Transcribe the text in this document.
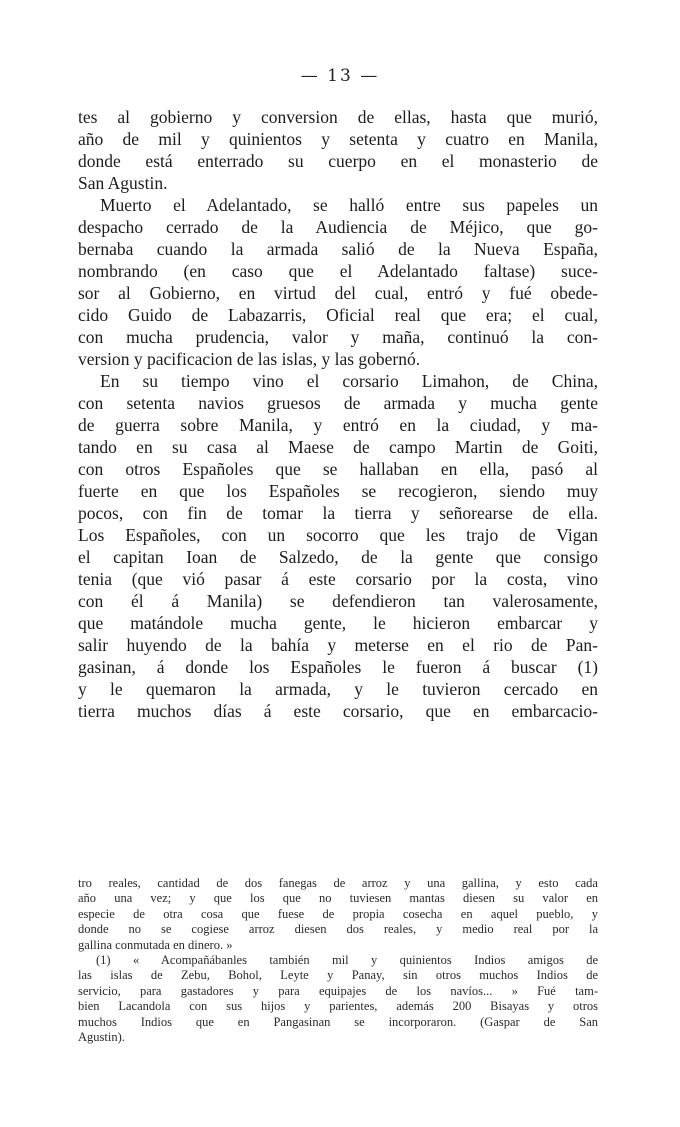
— 13 —
tes al gobierno y conversion de ellas, hasta que murió,
año de mil y quinientos y setenta y cuatro en Manila,
donde está enterrado su cuerpo en el monasterio de
San Agustin.
Muerto el Adelantado, se halló entre sus papeles un
despacho cerrado de la Audiencia de Méjico, que go-
bernaba cuando la armada salió de la Nueva España,
nombrando (en caso que el Adelantado faltase) suce-
sor al Gobierno, en virtud del cual, entró y fué obede-
cido Guido de Labazarris, Oficial real que era; el cual,
con mucha prudencia, valor y maña, continuó la con-
version y pacificacion de las islas, y las gobernó.
En su tiempo vino el corsario Limahon, de China,
con setenta navios gruesos de armada y mucha gente
de guerra sobre Manila, y entró en la ciudad, y ma-
tando en su casa al Maese de campo Martin de Goiti,
con otros Españoles que se hallaban en ella, pasó al
fuerte en que los Españoles se recogieron, siendo muy
pocos, con fin de tomar la tierra y señorearse de ella.
Los Españoles, con un socorro que les trajo de Vigan
el capitan Ioan de Salzedo, de la gente que consigo
tenia (que vió pasar á este corsario por la costa, vino
con él á Manila) se defendieron tan valerosamente,
que matándole mucha gente, le hicieron embarcar y
salir huyendo de la bahía y meterse en el rio de Pan-
gasinan, á donde los Españoles le fueron á buscar (1)
y le quemaron la armada, y le tuvieron cercado en
tierra muchos días á este corsario, que en embarcacio-
tro reales, cantidad de dos fanegas de arroz y una gallina, y esto cada
año una vez; y que los que no tuviesen mantas diesen su valor en
especie de otra cosa que fuese de propia cosecha en aquel pueblo, y
donde no se cogiese arroz diesen dos reales, y medio real por la
gallina conmutada en dinero. »
(1) « Acompañábanles también mil y quinientos Indios amigos de
las islas de Zebu, Bohol, Leyte y Panay, sin otros muchos Indios de
servicio, para gastadores y para equipajes de los navíos... » Fué tam-
bien Lacandola con sus hijos y parientes, además 200 Bisayas y otros
muchos Indios que en Pangasinan se incorporaron. (Gaspar de San
Agustin).
